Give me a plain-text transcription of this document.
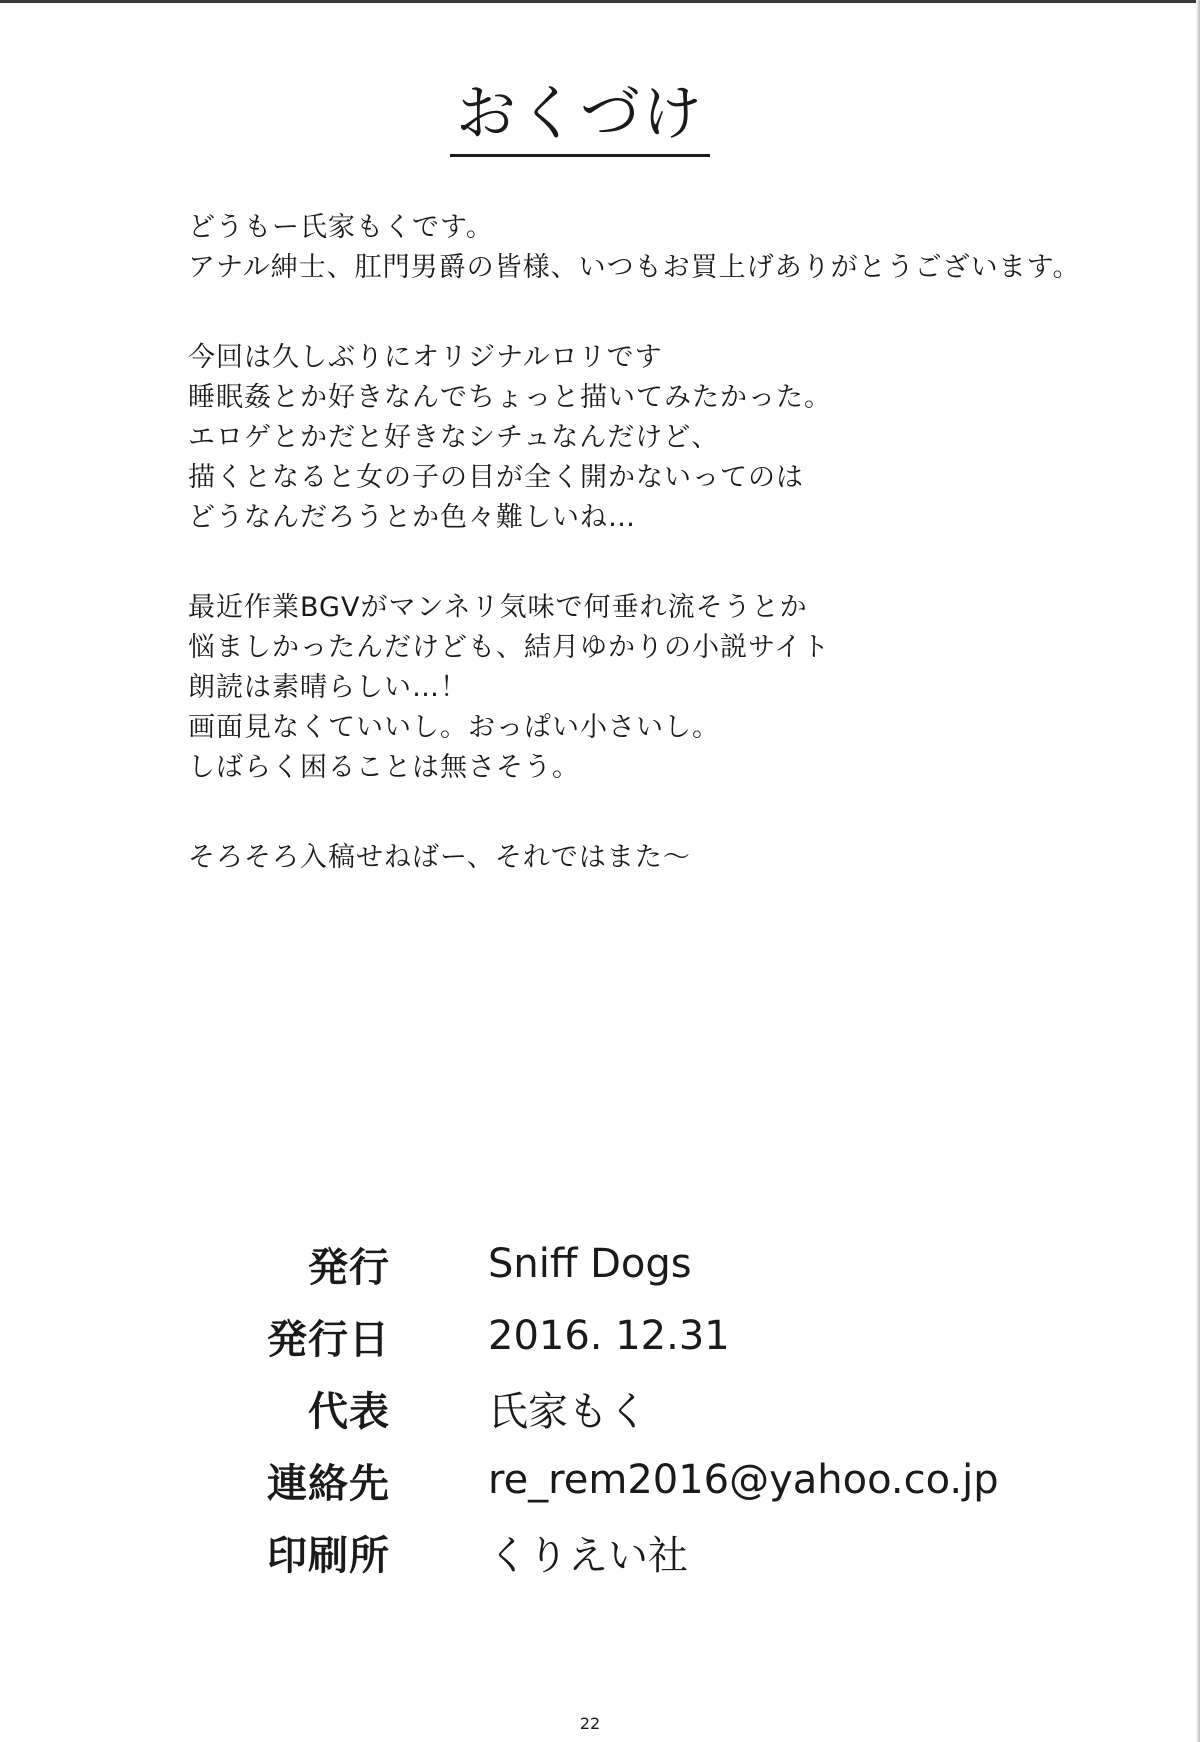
おくづけ
どうもー氏家もくです。
アナル紳士、肛門男爵の皆様、いつもお買上げありがとうございます。
今回は久しぶりにオリジナルロリです
睡眠姦とか好きなんでちょっと描いてみたかった。
エロゲとかだと好きなシチュなんだけど、
描くとなると女の子の目が全く開かないってのは
どうなんだろうとか色々難しいね…
最近作業BGVがマンネリ気味で何垂れ流そうとか
悩ましかったんだけども、結月ゆかりの小説サイト
朗読は素晴らしい…！
画面見なくていいし。おっぱい小さいし。
しばらく困ることは無さそう。
そろそろ入稿せねばー、それではまた～
発行 Sniff Dogs
発行日 2016. 12.31
代表 氏家もく
連絡先 re_rem2016@yahoo.co.jp
印刷所 くりえい社
22
